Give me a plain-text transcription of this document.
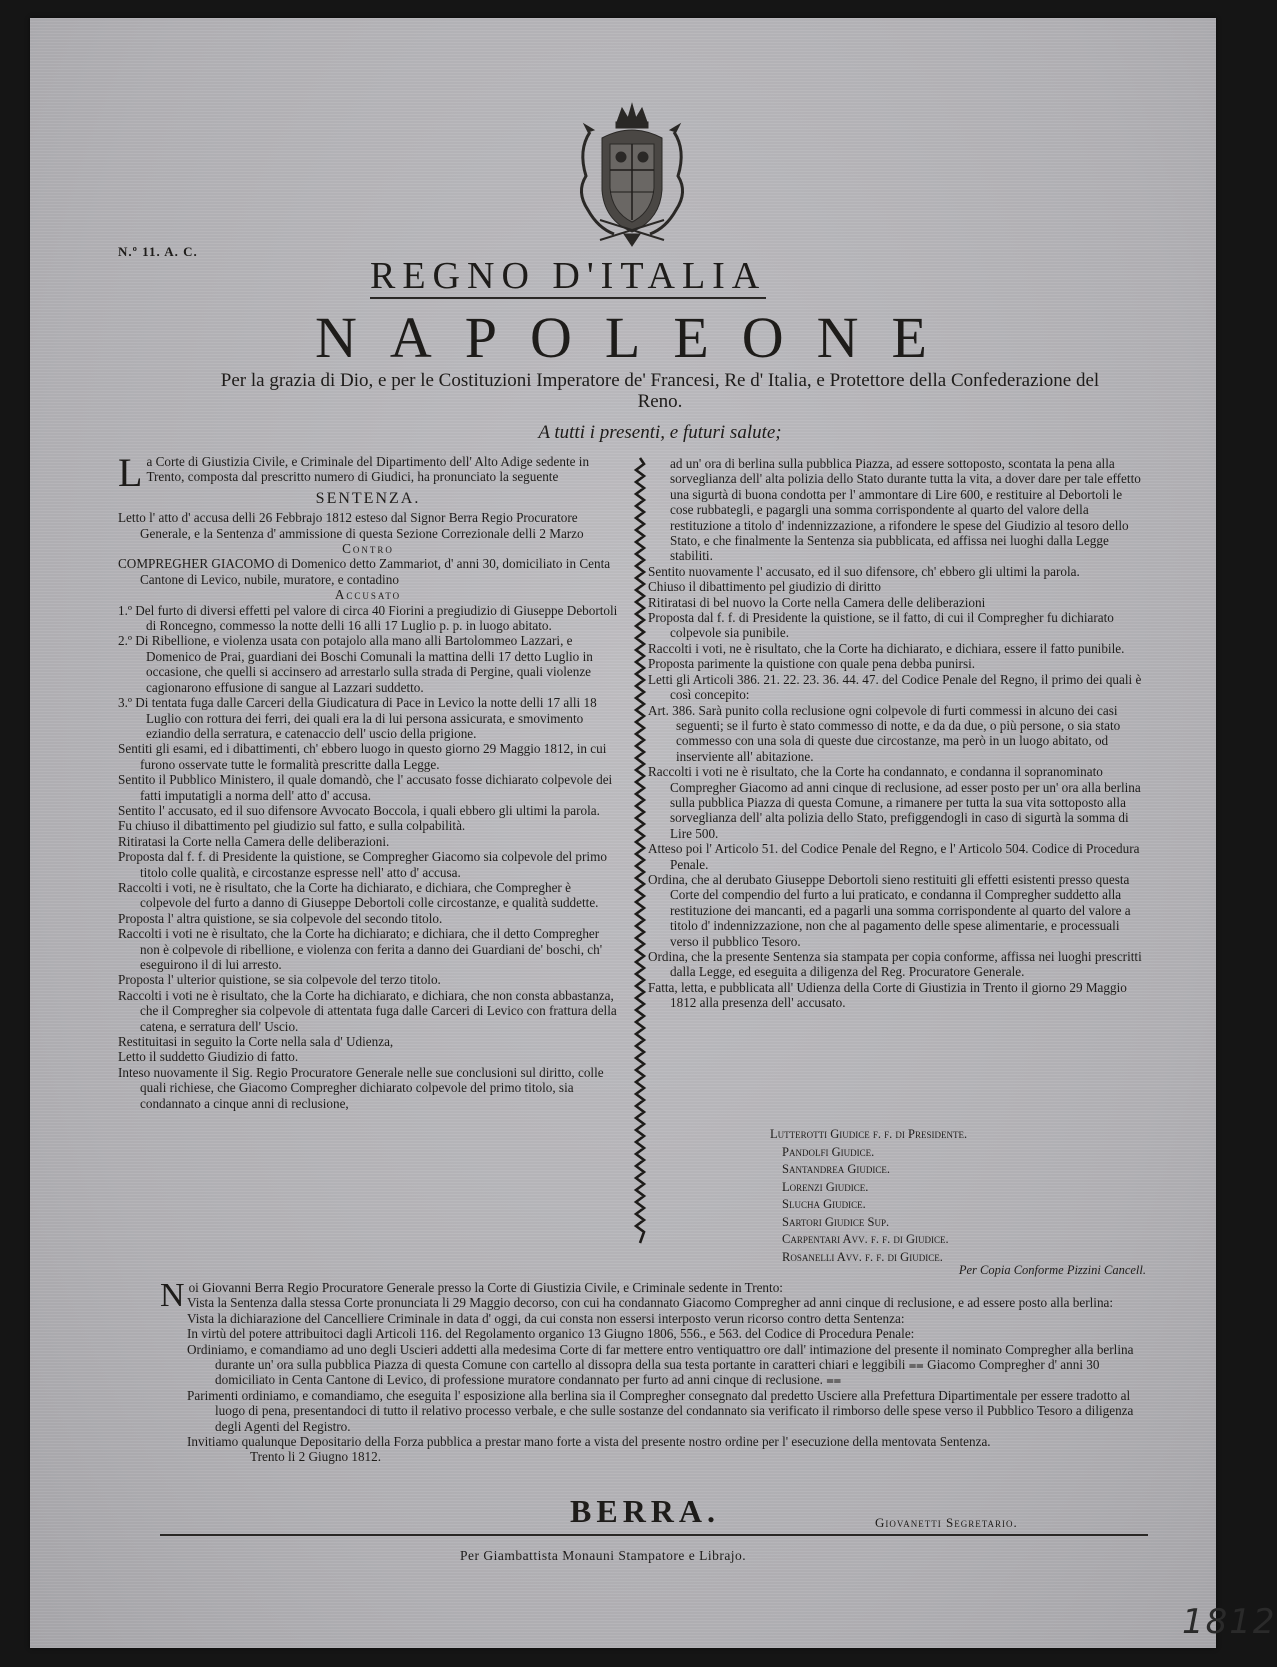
N.º 11. A. C.
REGNO D'ITALIA
NAPOLEONE
Per la grazia di Dio, e per le Costituzioni Imperatore de' Francesi, Re d' Italia, e Protettore della Confederazione del Reno.
A tutti i presenti, e futuri salute;

La Corte di Giustizia Civile, e Criminale del Dipartimento dell' Alto Adige sedente in Trento, composta dal prescritto numero di Giudici, ha pronunciato la seguente

SENTENZA.

Letto l' atto d' accusa delli 26 Febbrajo 1812 esteso dal Signor Berra Regio Procuratore Generale, e la Sentenza d' ammissione di questa Sezione Correzionale delli 2 Marzo

Contro

COMPREGHER GIACOMO di Domenico detto Zammariot, d' anni 30, domiciliato in Centa Cantone di Levico, nubile, muratore, e contadino

Accusato

1.º Del furto di diversi effetti pel valore di circa 40 Fiorini a pregiudizio di Giuseppe Debortoli di Roncegno, commesso la notte delli 16 alli 17 Luglio p. p. in luogo abitato.

2.º Di Ribellione, e violenza usata con potajolo alla mano alli Bartolommeo Lazzari, e Domenico de Prai, guardiani dei Boschi Comunali la mattina delli 17 detto Luglio in occasione, che quelli si accinsero ad arrestarlo sulla strada di Pergine, quali violenze cagionarono effusione di sangue al Lazzari suddetto.

3.º Di tentata fuga dalle Carceri della Giudicatura di Pace in Levico la notte delli 17 alli 18 Luglio con rottura dei ferri, dei quali era la di lui persona assicurata, e smovimento eziandio della serratura, e catenaccio dell' uscio della prigione.

Sentiti gli esami, ed i dibattimenti, ch' ebbero luogo in questo giorno 29 Maggio 1812, in cui furono osservate tutte le formalità prescritte dalla Legge.

Sentito il Pubblico Ministero, il quale domandò, che l' accusato fosse dichiarato colpevole dei fatti imputatigli a norma dell' atto d' accusa.

Sentito l' accusato, ed il suo difensore Avvocato Boccola, i quali ebbero gli ultimi la parola.

Fu chiuso il dibattimento pel giudizio sul fatto, e sulla colpabilità.

Ritiratasi la Corte nella Camera delle deliberazioni.

Proposta dal f. f. di Presidente la quistione, se Compregher Giacomo sia colpevole del primo titolo colle qualità, e circostanze espresse nell' atto d' accusa.

Raccolti i voti, ne è risultato, che la Corte ha dichiarato, e dichiara, che Compregher è colpevole del furto a danno di Giuseppe Debortoli colle circostanze, e qualità suddette.

Proposta l' altra quistione, se sia colpevole del secondo titolo.

Raccolti i voti ne è risultato, che la Corte ha dichiarato; e dichiara, che il detto Compregher non è colpevole di ribellione, e violenza con ferita a danno dei Guardiani de' boschi, ch' eseguirono il di lui arresto.

Proposta l' ulterior quistione, se sia colpevole del terzo titolo.

Raccolti i voti ne è risultato, che la Corte ha dichiarato, e dichiara, che non consta abbastanza, che il Compregher sia colpevole di attentata fuga dalle Carceri di Levico con frattura della catena, e serratura dell' Uscio.

Restituitasi in seguito la Corte nella sala d' Udienza,

Letto il suddetto Giudizio di fatto.

Inteso nuovamente il Sig. Regio Procuratore Generale nelle sue conclusioni sul diritto, colle quali richiese, che Giacomo Compregher dichiarato colpevole del primo titolo, sia condannato a cinque anni di reclusione,

ad un' ora di berlina sulla pubblica Piazza, ad essere sottoposto, scontata la pena alla sorveglianza dell' alta polizia dello Stato durante tutta la vita, a dover dare per tale effetto una sigurtà di buona condotta per l' ammontare di Lire 600, e restituire al Debortoli le cose rubbategli, e pagargli una somma corrispondente al quarto del valore della restituzione a titolo d' indennizzazione, a rifondere le spese del Giudizio al tesoro dello Stato, e che finalmente la Sentenza sia pubblicata, ed affissa nei luoghi dalla Legge stabiliti.

Sentito nuovamente l' accusato, ed il suo difensore, ch' ebbero gli ultimi la parola.

Chiuso il dibattimento pel giudizio di diritto

Ritiratasi di bel nuovo la Corte nella Camera delle deliberazioni

Proposta dal f. f. di Presidente la quistione, se il fatto, di cui il Compregher fu dichiarato colpevole sia punibile.

Raccolti i voti, ne è risultato, che la Corte ha dichiarato, e dichiara, essere il fatto punibile.

Proposta parimente la quistione con quale pena debba punirsi.

Letti gli Articoli 386. 21. 22. 23. 36. 44. 47. del Codice Penale del Regno, il primo dei quali è così concepito:

Art. 386. Sarà punito colla reclusione ogni colpevole di furti commessi in alcuno dei casi seguenti; se il furto è stato commesso di notte, e da da due, o più persone, o sia stato commesso con una sola di queste due circostanze, ma però in un luogo abitato, od inserviente all' abitazione.

Raccolti i voti ne è risultato, che la Corte ha condannato, e condanna il sopranominato Compregher Giacomo ad anni cinque di reclusione, ad esser posto per un' ora alla berlina sulla pubblica Piazza di questa Comune, a rimanere per tutta la sua vita sottoposto alla sorveglianza dell' alta polizia dello Stato, prefiggendogli in caso di sigurtà la somma di Lire 500.

Atteso poi l' Articolo 51. del Codice Penale del Regno, e l' Articolo 504. Codice di Procedura Penale.

Ordina, che al derubato Giuseppe Debortoli sieno restituiti gli effetti esistenti presso questa Corte del compendio del furto a lui praticato, e condanna il Compregher suddetto alla restituzione dei mancanti, ed a pagarli una somma corrispondente al quarto del valore a titolo d' indennizzazione, non che al pagamento delle spese alimentarie, e processuali verso il pubblico Tesoro.

Ordina, che la presente Sentenza sia stampata per copia conforme, affissa nei luoghi prescritti dalla Legge, ed eseguita a diligenza del Reg. Procuratore Generale.

Fatta, letta, e pubblicata all' Udienza della Corte di Giustizia in Trento il giorno 29 Maggio 1812 alla presenza dell' accusato.

Lutterotti Giudice f. f. di Presidente.

Pandolfi Giudice.

Santandrea Giudice.

Lorenzi Giudice.

Slucha Giudice.

Sartori Giudice Sup.

Carpentari Avv. f. f. di Giudice.

Rosanelli Avv. f. f. di Giudice.

Per Copia Conforme Pizzini Cancell.

Noi Giovanni Berra Regio Procuratore Generale presso la Corte di Giustizia Civile, e Criminale sedente in Trento:

Vista la Sentenza dalla stessa Corte pronunciata li 29 Maggio decorso, con cui ha condannato Giacomo Compregher ad anni cinque di reclusione, e ad essere posto alla berlina:

Vista la dichiarazione del Cancelliere Criminale in data d' oggi, da cui consta non essersi interposto verun ricorso contro detta Sentenza:

In virtù del potere attribuitoci dagli Articoli 116. del Regolamento organico 13 Giugno 1806, 556., e 563. del Codice di Procedura Penale:

Ordiniamo, e comandiamo ad uno degli Uscieri addetti alla medesima Corte di far mettere entro ventiquattro ore dall' intimazione del presente il nominato Compregher alla berlina durante un' ora sulla pubblica Piazza di questa Comune con cartello al dissopra della sua testa portante in caratteri chiari e leggibili ⩵ Giacomo Compregher d' anni 30 domiciliato in Centa Cantone di Levico, di professione muratore condannato per furto ad anni cinque di reclusione. ⩵

Parimenti ordiniamo, e comandiamo, che eseguita l' esposizione alla berlina sia il Compregher consegnato dal predetto Usciere alla Prefettura Dipartimentale per essere tradotto al luogo di pena, presentandoci di tutto il relativo processo verbale, e che sulle sostanze del condannato sia verificato il rimborso delle spese verso il Pubblico Tesoro a diligenza degli Agenti del Registro.

Invitiamo qualunque Depositario della Forza pubblica a prestar mano forte a vista del presente nostro ordine per l' esecuzione della mentovata Sentenza.

Trento li 2 Giugno 1812.

BERRA.	Giovanetti Segretario.
Per Giambattista Monauni Stampatore e Librajo.
1812
